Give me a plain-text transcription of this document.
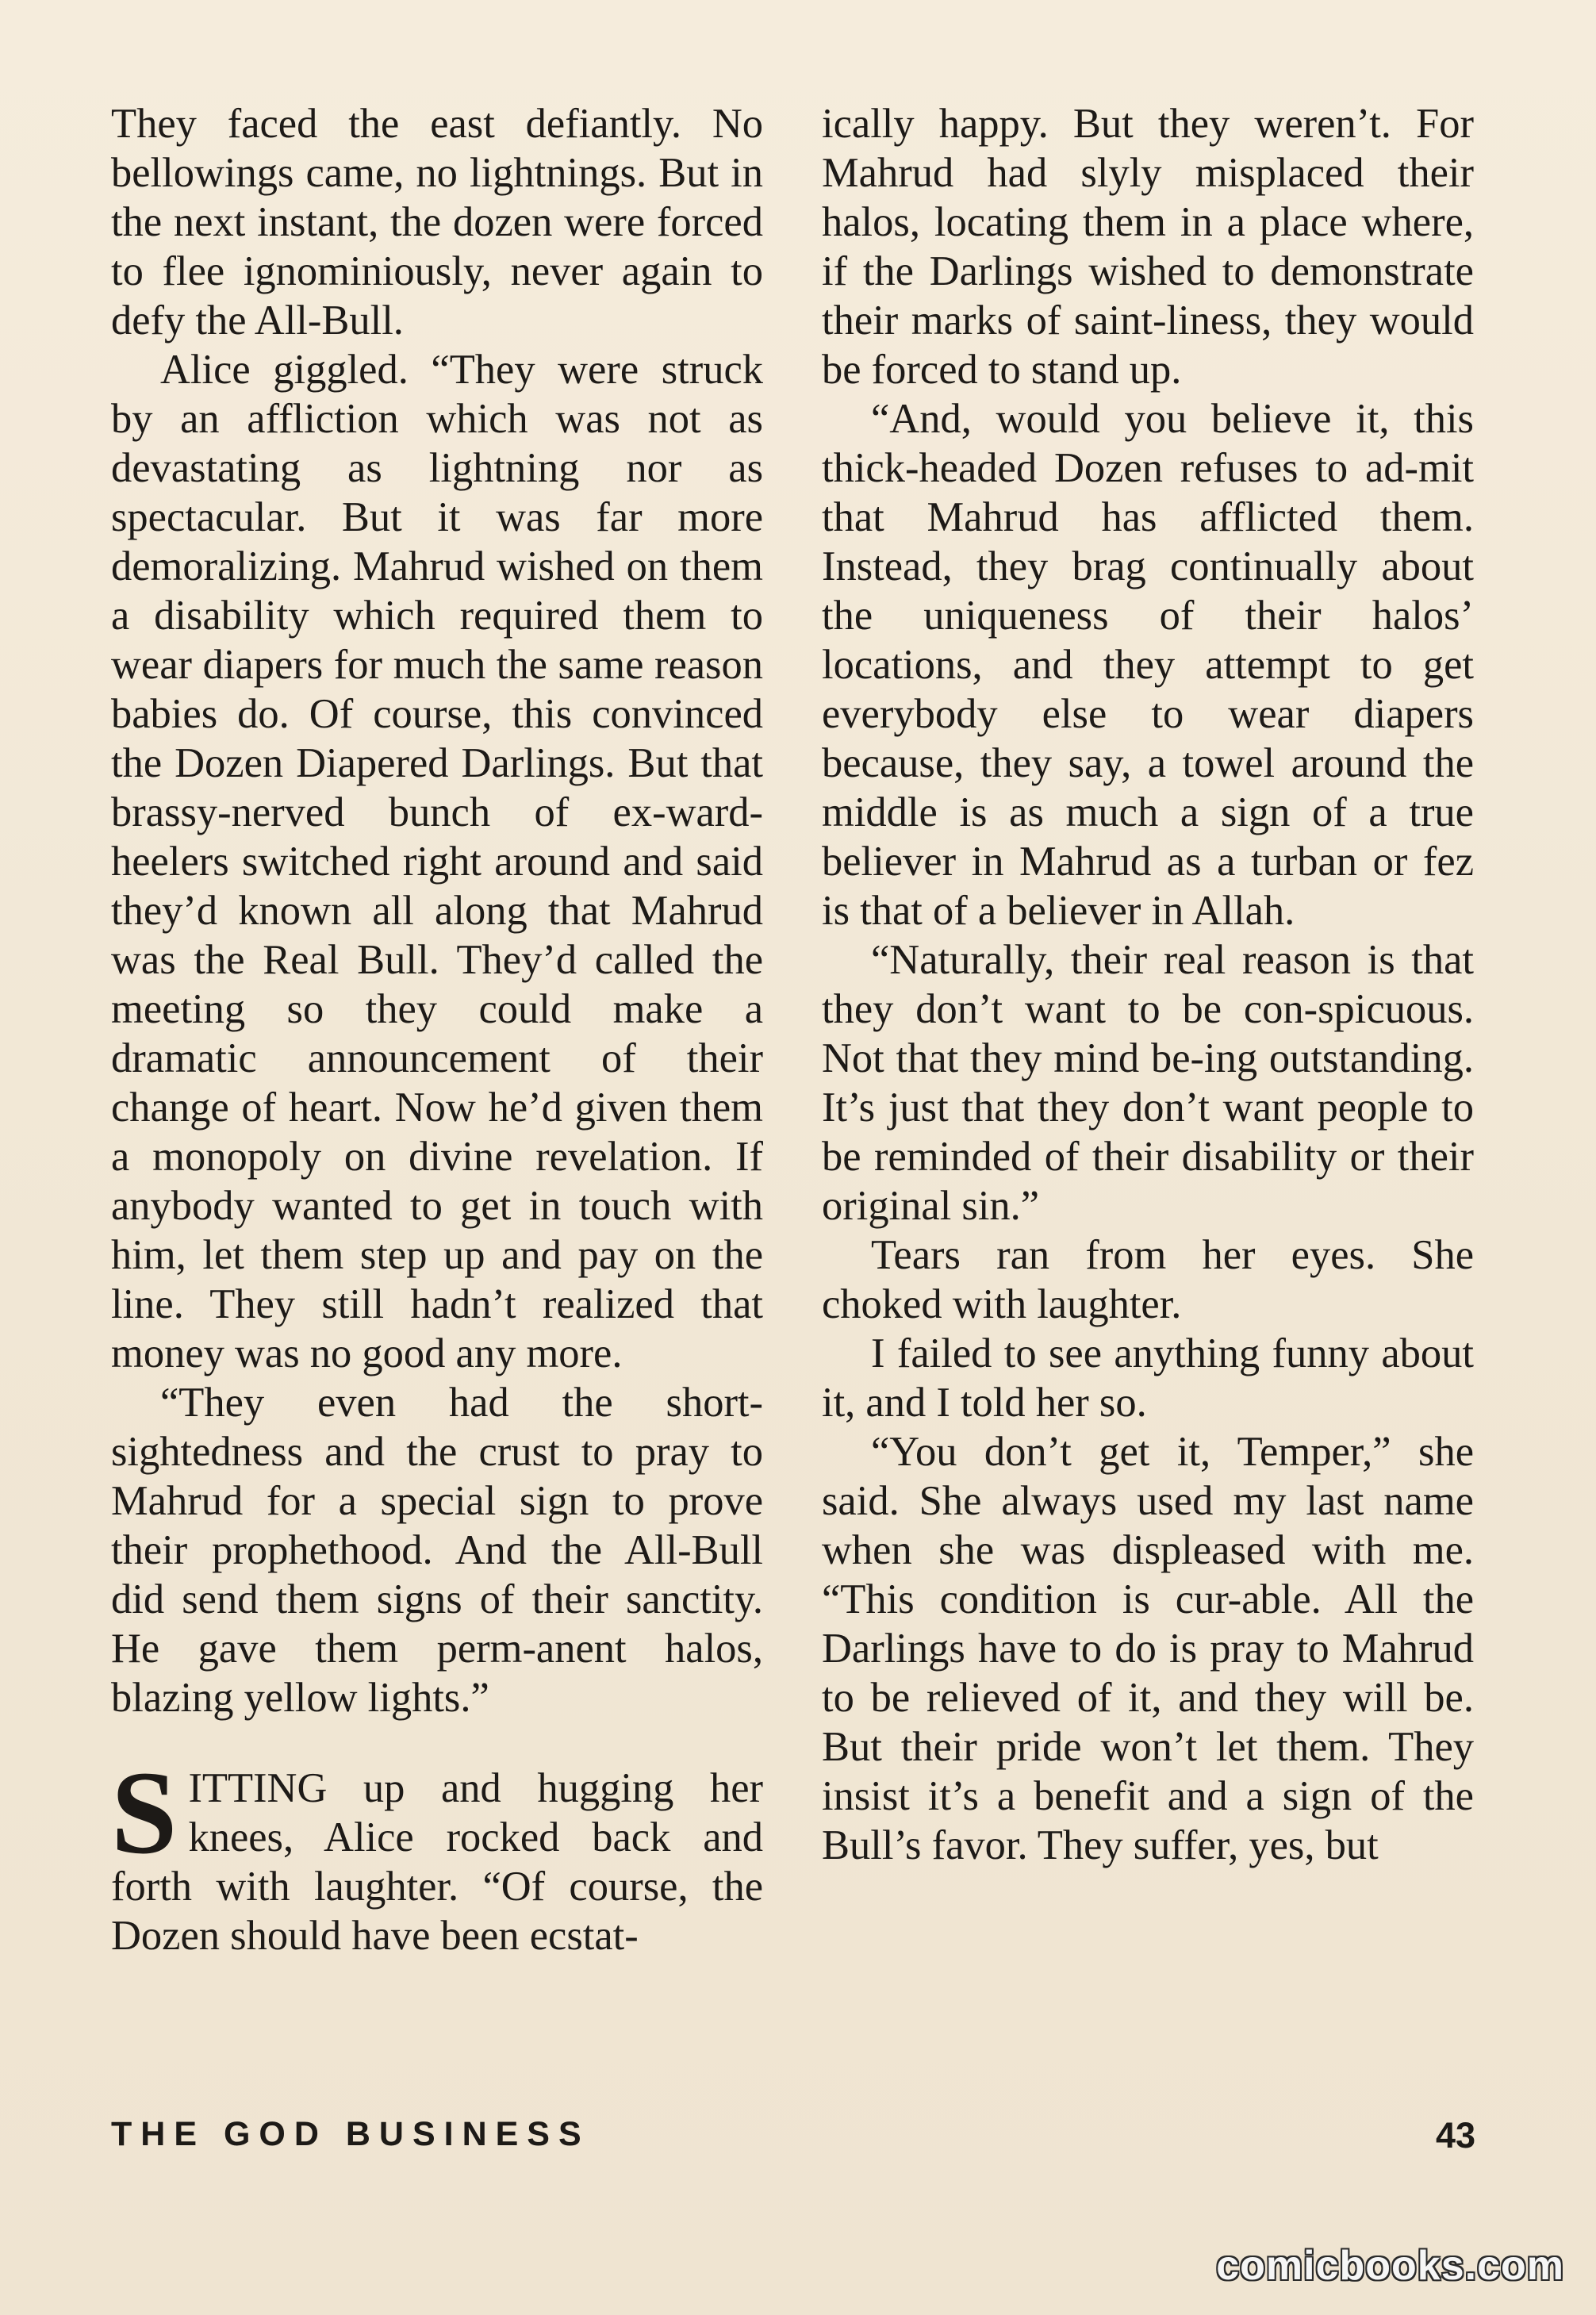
They faced the east defiantly. No bellowings came, no lightnings. But in the next instant, the dozen were forced to flee ignominiously, never again to defy the All-Bull.

Alice giggled. “They were struck by an affliction which was not as devastating as lightning nor as spectacular. But it was far more demoralizing. Mahrud wished on them a disability which required them to wear diapers for much the same reason babies do. Of course, this convinced the Dozen Diapered Darlings. But that brassy-nerved bunch of ex-ward-heelers switched right around and said they’d known all along that Mahrud was the Real Bull. They’d called the meeting so they could make a dramatic announcement of their change of heart. Now he’d given them a monopoly on divine revelation. If anybody wanted to get in touch with him, let them step up and pay on the line. They still hadn’t realized that money was no good any more.

“They even had the short-sightedness and the crust to pray to Mahrud for a special sign to prove their prophethood. And the All-Bull did send them signs of their sanctity. He gave them perm-anent halos, blazing yellow lights.”

SITTING up and hugging her knees, Alice rocked back and forth with laughter. “Of course, the Dozen should have been ecstat-

ically happy. But they weren’t. For Mahrud had slyly misplaced their halos, locating them in a place where, if the Darlings wished to demonstrate their marks of saint-liness, they would be forced to stand up.

“And, would you believe it, this thick-headed Dozen refuses to ad-mit that Mahrud has afflicted them. Instead, they brag continually about the uniqueness of their halos’ locations, and they attempt to get everybody else to wear diapers because, they say, a towel around the middle is as much a sign of a true believer in Mahrud as a turban or fez is that of a believer in Allah.

“Naturally, their real reason is that they don’t want to be con-spicuous. Not that they mind be-ing outstanding. It’s just that they don’t want people to be reminded of their disability or their original sin.”

Tears ran from her eyes. She choked with laughter.

I failed to see anything funny about it, and I told her so.

“You don’t get it, Temper,” she said. She always used my last name when she was displeased with me. “This condition is cur-able. All the Darlings have to do is pray to Mahrud to be relieved of it, and they will be. But their pride won’t let them. They insist it’s a benefit and a sign of the Bull’s favor. They suffer, yes, but

THE GOD BUSINESS	43
comicbooks.com
